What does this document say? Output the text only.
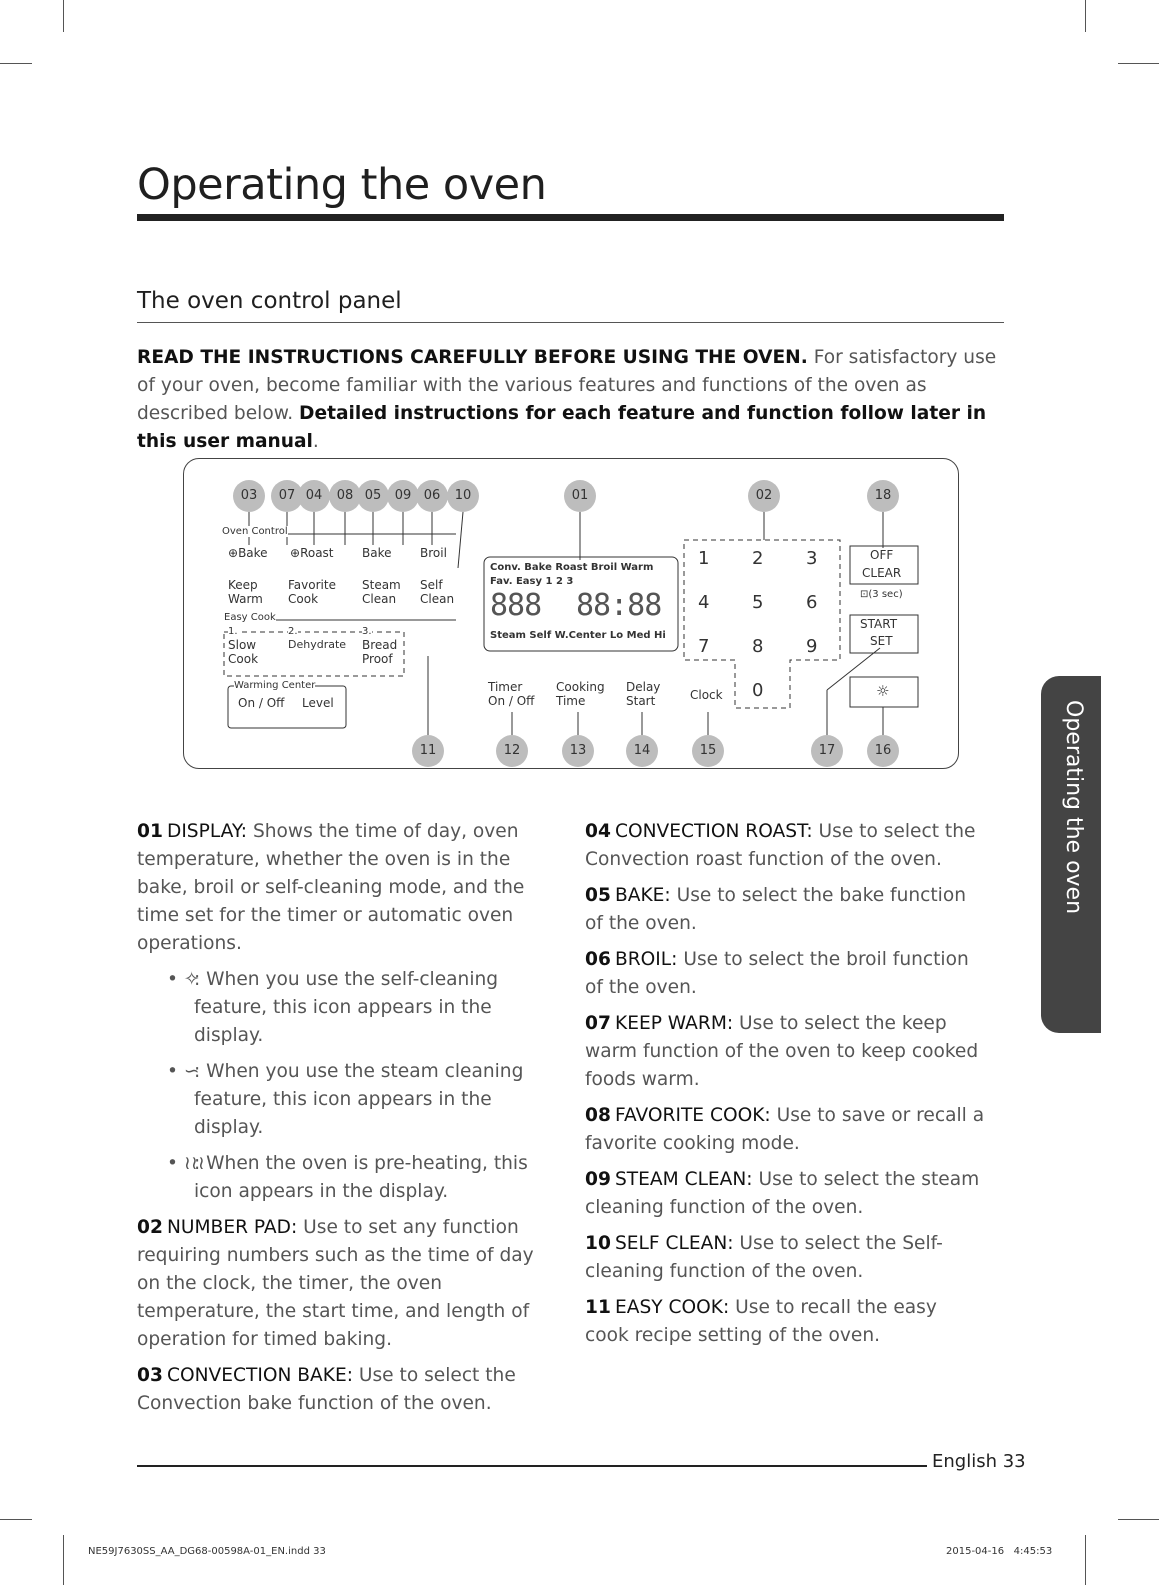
Operating the oven
The oven control panel
READ THE INSTRUCTIONS CAREFULLY BEFORE USING THE OVEN. For satisfactory use of your oven, become familiar with the various features and functions of the oven as described below. Detailed instructions for each feature and function follow later in this user manual.
03	07 04	08 05	09 06	10	01	02	18
11	12	13	14	15	17	16
Oven Control
⊕Bake ⊕Roast Bake Broil
Keep
Warm
Favorite
Cook
Steam
Clean
Self
Clean
Easy Cook
1.	2.	3.
Slow
Cook
Dehydrate Bread
Proof
Warming Center
On / Off Level
Conv. Bake Roast Broil Warm
Fav. Easy 1 2 3
888 88:88
Steam Self W.Center Lo Med Hi
Timer
On / Off
Cooking
Time
Delay
Start	Clock
1 2 3
4 5 6
7 8 9
0
OFF
CLEAR
⊡(3 sec)
START
SET
☼
01 DISPLAY: Shows the time of day, oven temperature, whether the oven is in the bake, broil or self-cleaning mode, and the time set for the timer or automatic oven operations.
• ✧
: When you use the self-cleaning feature, this icon appears in the display.
• ∽
: When you use the steam cleaning feature, this icon appears in the display.
• ≀≀≀
: When the oven is pre-heating, this icon appears in the display.
02 NUMBER PAD: Use to set any function requiring numbers such as the time of day on the clock, the timer, the oven temperature, the start time, and length of operation for timed baking.
03 CONVECTION BAKE: Use to select the Convection bake function of the oven.
04 CONVECTION ROAST: Use to select the Convection roast function of the oven.
05 BAKE: Use to select the bake function of the oven.
06 BROIL: Use to select the broil function of the oven.
07 KEEP WARM: Use to select the keep warm function of the oven to keep cooked foods warm.
08 FAVORITE COOK: Use to save or recall a favorite cooking mode.
09 STEAM CLEAN: Use to select the steam cleaning function of the oven.
10 SELF CLEAN: Use to select the Self-cleaning function of the oven.
11 EASY COOK: Use to recall the easy cook recipe setting of the oven.
Operating the oven
English 33
NE59J7630SS_AA_DG68-00598A-01_EN.indd 33	2015-04-16   4:45:53
